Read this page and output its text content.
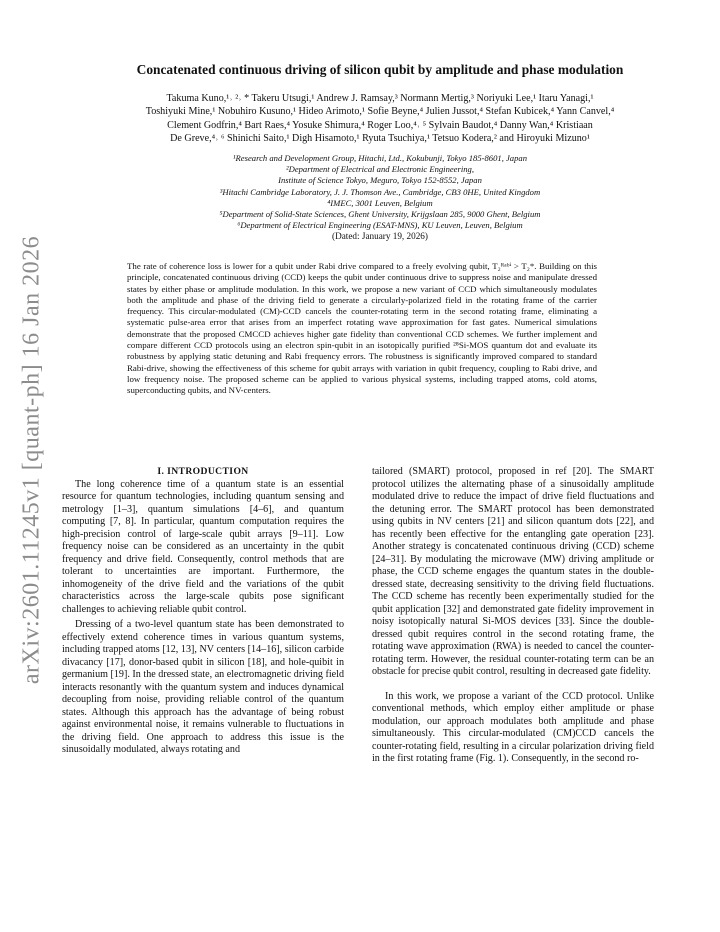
arXiv:2601.11245v1 [quant-ph] 16 Jan 2026
Concatenated continuous driving of silicon qubit by amplitude and phase modulation
Takuma Kuno,¹˒ ²˒ * Takeru Utsugi,¹ Andrew J. Ramsay,³ Normann Mertig,³ Noriyuki Lee,¹ Itaru Yanagi,¹
Toshiyuki Mine,¹ Nobuhiro Kusuno,¹ Hideo Arimoto,¹ Sofie Beyne,⁴ Julien Jussot,⁴ Stefan Kubicek,⁴ Yann Canvel,⁴
Clement Godfrin,⁴ Bart Raes,⁴ Yosuke Shimura,⁴ Roger Loo,⁴˒ ⁵ Sylvain Baudot,⁴ Danny Wan,⁴ Kristiaan
De Greve,⁴˒ ⁶ Shinichi Saito,¹ Digh Hisamoto,¹ Ryuta Tsuchiya,¹ Tetsuo Kodera,² and Hiroyuki Mizuno¹
¹Research and Development Group, Hitachi, Ltd., Kokubunji, Tokyo 185-8601, Japan
²Department of Electrical and Electronic Engineering,
Institute of Science Tokyo, Meguro, Tokyo 152-8552, Japan
³Hitachi Cambridge Laboratory, J. J. Thomson Ave., Cambridge, CB3 0HE, United Kingdom
⁴IMEC, 3001 Leuven, Belgium
⁵Department of Solid-State Sciences, Ghent University, Krijgslaan 285, 9000 Ghent, Belgium
⁶Department of Electrical Engineering (ESAT-MNS), KU Leuven, Leuven, Belgium
(Dated: January 19, 2026)
The rate of coherence loss is lower for a qubit under Rabi drive compared to a freely evolving qubit, T₂ᴿᵃᵇⁱ > T₂*. Building on this principle, concatenated continuous driving (CCD) keeps the qubit under continuous drive to suppress noise and manipulate dressed states by either phase or amplitude modulation. In this work, we propose a new variant of CCD which simultaneously modulates both the amplitude and phase of the driving field to generate a circularly-polarized field in the rotating frame of the carrier frequency. This circular-modulated (CM)-CCD cancels the counter-rotating term in the second rotating frame, eliminating a systematic pulse-area error that arises from an imperfect rotating wave approximation for fast gates. Numerical simulations demonstrate that the proposed CMCCD achieves higher gate fidelity than conventional CCD schemes. We further implement and compare different CCD protocols using an electron spin-qubit in an isotopically purified ²⁸Si-MOS quantum dot and evaluate its robustness by applying static detuning and Rabi frequency errors. The robustness is significantly improved compared to standard Rabi-drive, showing the effectiveness of this scheme for qubit arrays with variation in qubit frequency, coupling to Rabi drive, and low frequency noise. The proposed scheme can be applied to various physical systems, including trapped atoms, cold atoms, superconducting qubits, and NV-centers.

I. INTRODUCTION

The long coherence time of a quantum state is an essential resource for quantum technologies, including quantum sensing and metrology [1–3], quantum simulations [4–6], and quantum computing [7, 8]. In particular, quantum computation requires the high-precision control of large-scale qubit arrays [9–11]. Low frequency noise can be considered as an uncertainty in the qubit frequency and drive field. Consequently, control methods that are tolerant to uncertainties are important. Furthermore, the inhomogeneity of the drive field and the variations of the qubit characteristics across the large-scale qubits pose significant challenges to achieving reliable qubit control.

Dressing of a two-level quantum state has been demonstrated to effectively extend coherence times in various quantum systems, including trapped atoms [12, 13], NV centers [14–16], silicon carbide divacancy [17], donor-based qubit in silicon [18], and hole-quibit in germanium [19]. In the dressed state, an electromagnetic driving field interacts resonantly with the quantum system and induces dynamical decoupling from noise, providing reliable control of the quantum states. Although this approach has the advantage of being robust against environmental noise, it remains vulnerable to fluctuations in the driving field. One approach to address this issue is the sinusoidally modulated, always rotating and

tailored (SMART) protocol, proposed in ref [20]. The SMART protocol utilizes the alternating phase of a sinusoidally amplitude modulated drive to reduce the impact of drive field fluctuations and the detuning error. The SMART protocol has been demonstrated using qubits in NV centers [21] and silicon quantum dots [22], and has recently been effective for the entangling gate operation [23]. Another strategy is concatenated continuous driving (CCD) scheme [24–31]. By modulating the microwave (MW) driving amplitude or phase, the CCD scheme engages the quantum states in the double-dressed state, decreasing sensitivity to the driving field fluctuations. The CCD scheme has recently been experimentally studied for the qubit application [32] and demonstrated gate fidelity improvement in noisy isotopically natural Si-MOS devices [33]. Since the double-dressed qubit requires control in the second rotating frame, the rotating wave approximation (RWA) is needed to cancel the counter-rotating term. However, the residual counter-rotating term can be an obstacle for precise qubit control, resulting in decreased gate fidelity.

In this work, we propose a variant of the CCD protocol. Unlike conventional methods, which employ either amplitude or phase modulation, our approach modulates both amplitude and phase simultaneously. This circular-modulated (CM)CCD cancels the counter-rotating field, resulting in a circular polarization driving field in the first rotating frame (Fig. 1). Consequently, in the second ro-
